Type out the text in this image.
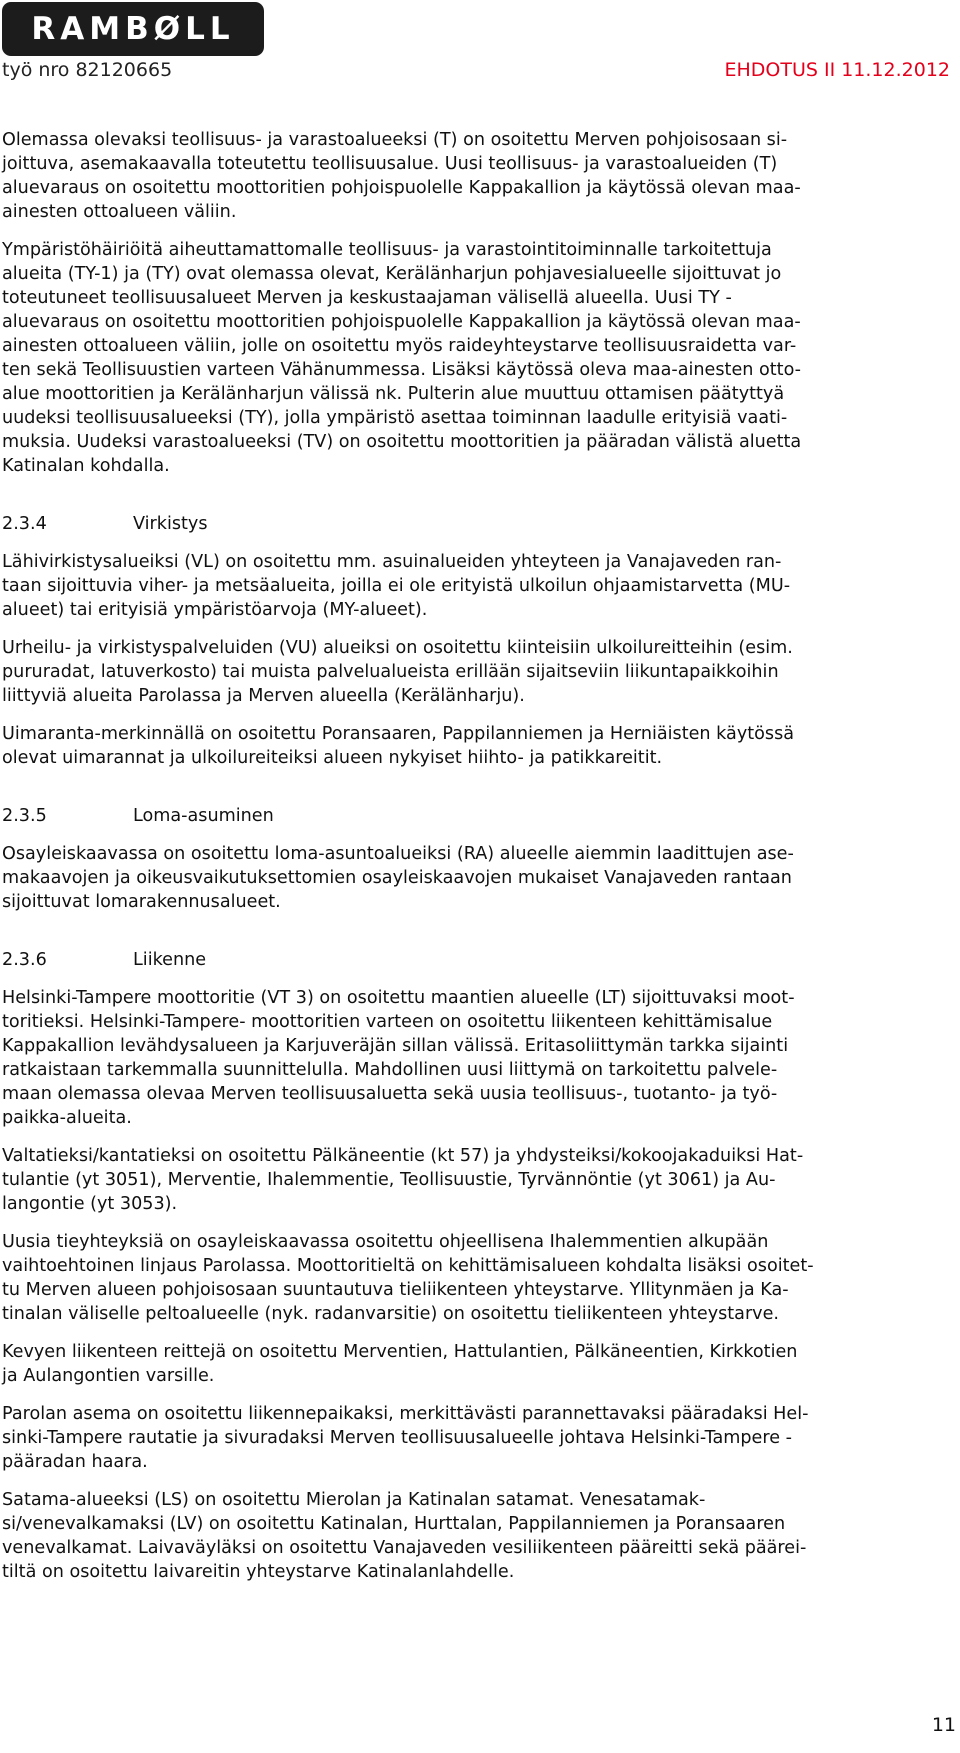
RAMBØLL
työ nro 82120665	EHDOTUS II 11.12.2012

Olemassa olevaksi teollisuus- ja varastoalueeksi (T) on osoitettu Merven pohjoisosaan si-
joittuva, asemakaavalla toteutettu teollisuusalue. Uusi teollisuus- ja varastoalueiden (T)
aluevaraus on osoitettu moottoritien pohjoispuolelle Kappakallion ja käytössä olevan maa-
ainesten ottoalueen väliin.

Ympäristöhäiriöitä aiheuttamattomalle teollisuus- ja varastointitoiminnalle tarkoitettuja
alueita (TY-1) ja (TY) ovat olemassa olevat, Kerälänharjun pohjavesialueelle sijoittuvat jo
toteutuneet teollisuusalueet Merven ja keskustaajaman välisellä alueella. Uusi TY -
aluevaraus on osoitettu moottoritien pohjoispuolelle Kappakallion ja käytössä olevan maa-
ainesten ottoalueen väliin, jolle on osoitettu myös raideyhteystarve teollisuusraidetta var-
ten sekä Teollisuustien varteen Vähänummessa. Lisäksi käytössä oleva maa-ainesten otto-
alue moottoritien ja Kerälänharjun välissä nk. Pulterin alue muuttuu ottamisen päätyttyä
uudeksi teollisuusalueeksi (TY), jolla ympäristö asettaa toiminnan laadulle erityisiä vaati-
muksia. Uudeksi varastoalueeksi (TV) on osoitettu moottoritien ja pääradan välistä aluetta
Katinalan kohdalla.

2.3.4	Virkistys

Lähivirkistysalueiksi (VL) on osoitettu mm. asuinalueiden yhteyteen ja Vanajaveden ran-
taan sijoittuvia viher- ja metsäalueita, joilla ei ole erityistä ulkoilun ohjaamistarvetta (MU-
alueet) tai erityisiä ympäristöarvoja (MY-alueet).

Urheilu- ja virkistyspalveluiden (VU) alueiksi on osoitettu kiinteisiin ulkoilureitteihin (esim.
pururadat, latuverkosto) tai muista palvelualueista erillään sijaitseviin liikuntapaikkoihin
liittyviä alueita Parolassa ja Merven alueella (Kerälänharju).

Uimaranta-merkinnällä on osoitettu Poransaaren, Pappilanniemen ja Herniäisten käytössä
olevat uimarannat ja ulkoilureiteiksi alueen nykyiset hiihto- ja patikkareitit.

2.3.5	Loma-asuminen

Osayleiskaavassa on osoitettu loma-asuntoalueiksi (RA) alueelle aiemmin laadittujen ase-
makaavojen ja oikeusvaikutuksettomien osayleiskaavojen mukaiset Vanajaveden rantaan
sijoittuvat lomarakennusalueet.

2.3.6	Liikenne

Helsinki-Tampere moottoritie (VT 3) on osoitettu maantien alueelle (LT) sijoittuvaksi moot-
toritieksi. Helsinki-Tampere- moottoritien varteen on osoitettu liikenteen kehittämisalue
Kappakallion levähdysalueen ja Karjuveräjän sillan välissä. Eritasoliittymän tarkka sijainti
ratkaistaan tarkemmalla suunnittelulla. Mahdollinen uusi liittymä on tarkoitettu palvele-
maan olemassa olevaa Merven teollisuusaluetta sekä uusia teollisuus-, tuotanto- ja työ-
paikka-alueita.

Valtatieksi/kantatieksi on osoitettu Pälkäneentie (kt 57) ja yhdysteiksi/kokoojakaduiksi Hat-
tulantie (yt 3051), Merventie, Ihalemmentie, Teollisuustie, Tyrvännöntie (yt 3061) ja Au-
langontie (yt 3053).

Uusia tieyhteyksiä on osayleiskaavassa osoitettu ohjeellisena Ihalemmentien alkupään
vaihtoehtoinen linjaus Parolassa. Moottoritieltä on kehittämisalueen kohdalta lisäksi osoitet-
tu Merven alueen pohjoisosaan suuntautuva tieliikenteen yhteystarve. Yllitynmäen ja Ka-
tinalan väliselle peltoalueelle (nyk. radanvarsitie) on osoitettu tieliikenteen yhteystarve.

Kevyen liikenteen reittejä on osoitettu Merventien, Hattulantien, Pälkäneentien, Kirkkotien
ja Aulangontien varsille.

Parolan asema on osoitettu liikennepaikaksi, merkittävästi parannettavaksi pääradaksi Hel-
sinki-Tampere rautatie ja sivuradaksi Merven teollisuusalueelle johtava Helsinki-Tampere -
pääradan haara.

Satama-alueeksi (LS) on osoitettu Mierolan ja Katinalan satamat. Venesatamak-
si/venevalkamaksi (LV) on osoitettu Katinalan, Hurttalan, Pappilanniemen ja Poransaaren
venevalkamat. Laivaväyläksi on osoitettu Vanajaveden vesiliikenteen pääreitti sekä päärei-
tiltä on osoitettu laivareitin yhteystarve Katinalanlahdelle.

11
